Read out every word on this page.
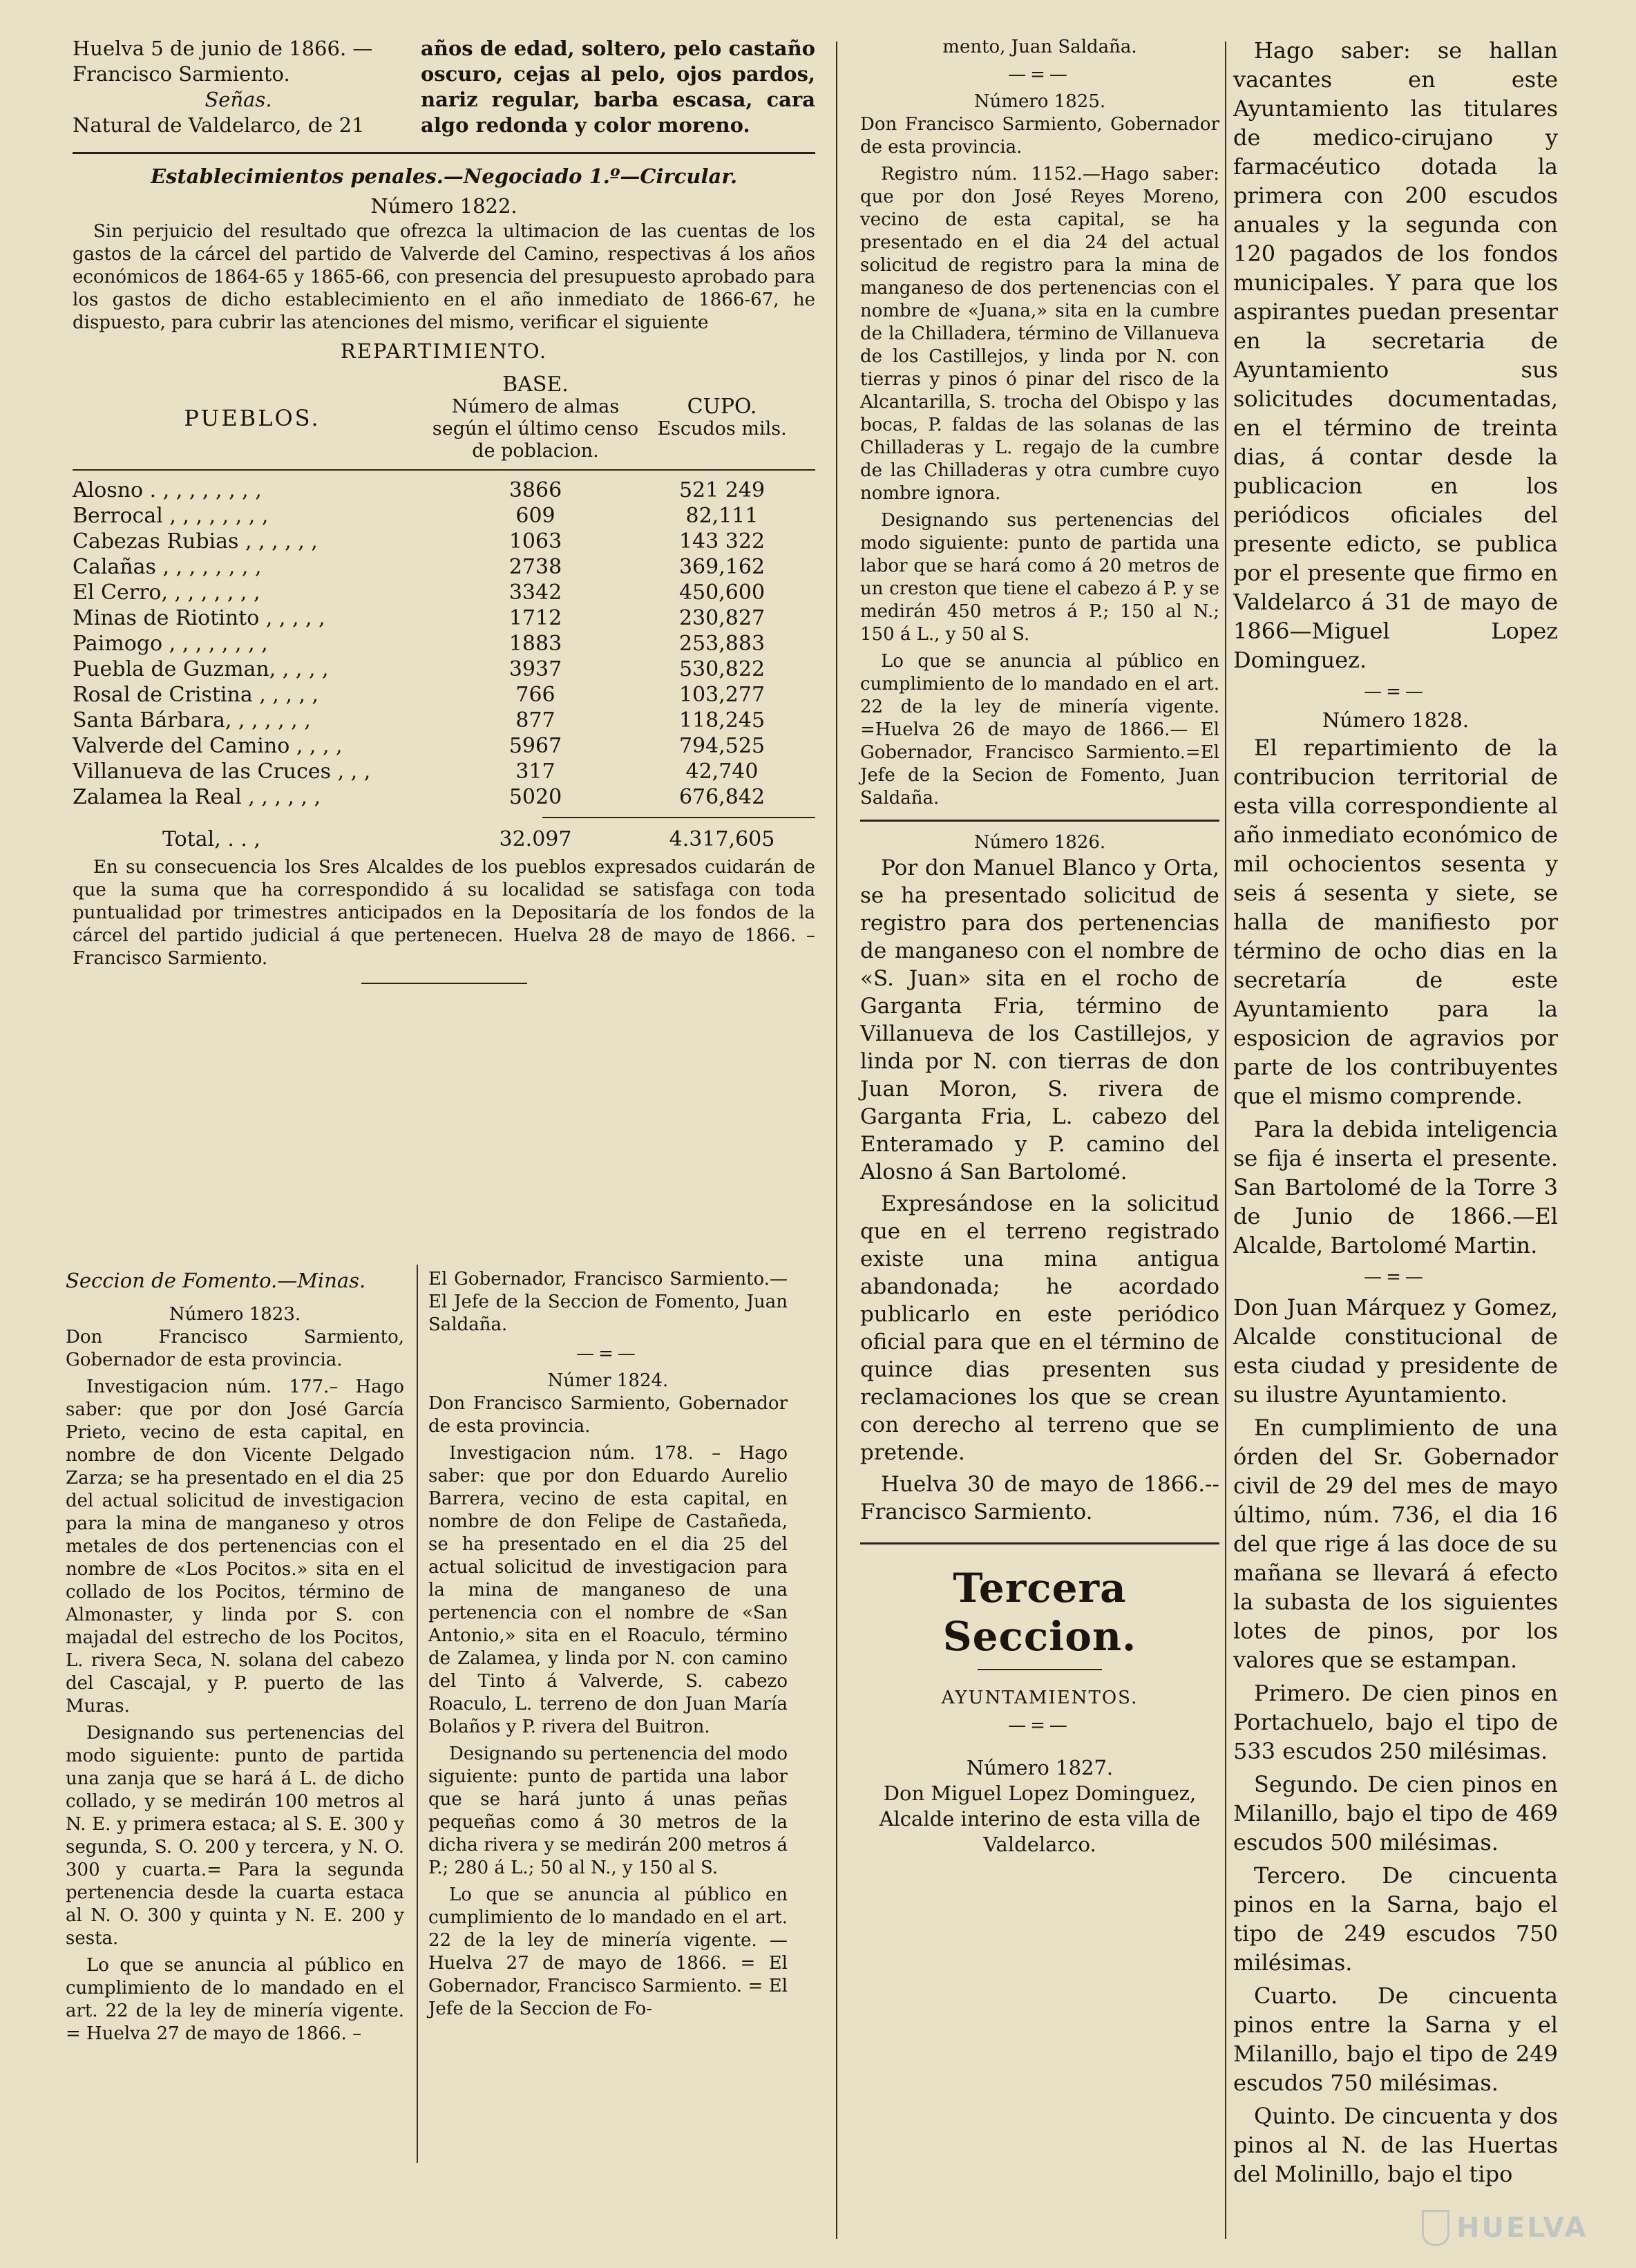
Huelva 5 de junio de 1866. —

Francisco Sarmiento.

Señas.

Natural de Valdelarco, de 21

años de edad, soltero, pelo castaño oscuro, cejas al pelo, ojos pardos, nariz regular, barba escasa, cara algo redonda y color moreno.

Establecimientos penales.—Negociado 1.º—Circular.

Número 1822.

Sin perjuicio del resultado que ofrezca la ultimacion de las cuentas de los gastos de la cárcel del partido de Valverde del Camino, respectivas á los años económicos de 1864-65 y 1865-66, con presencia del presupuesto aprobado para los gastos de dicho establecimiento en el año inmediato de 1866-67, he dispuesto, para cubrir las atenciones del mismo, verificar el siguiente

REPARTIMIENTO.

PUEBLOS.
BASE.
Número de almas según el último censo de poblacion.
CUPO.
Escudos mils.
Alosno . , , , , , , , ,	3866	521 249
Berrocal , , , , , , , ,	609	82,111
Cabezas Rubias , , , , , ,	1063	143 322
Calañas , , , , , , , ,	2738	369,162
El Cerro, , , , , , , ,	3342	450,600
Minas de Riotinto , , , , ,	1712	230,827
Paimogo , , , , , , , ,	1883	253,883
Puebla de Guzman, , , , ,	3937	530,822
Rosal de Cristina , , , , ,	766	103,277
Santa Bárbara, , , , , , ,	877	118,245
Valverde del Camino , , , ,	5967	794,525
Villanueva de las Cruces , , ,	317	42,740
Zalamea la Real , , , , , ,	5020	676,842
Total, . . ,	32.097	4.317,605

En su consecuencia los Sres Alcaldes de los pueblos expresados cuidarán de que la suma que ha correspondido á su localidad se satisfaga con toda puntualidad por trimestres anticipados en la Depositaría de los fondos de la cárcel del partido judicial á que pertenecen. Huelva 28 de mayo de 1866. – Francisco Sarmiento.

Seccion de Fomento.—Minas.

Número 1823.

Don Francisco Sarmiento, Gobernador de esta provincia.

Investigacion núm. 177.– Hago saber: que por don José García Prieto, vecino de esta capital, en nombre de don Vicente Delgado Zarza; se ha presentado en el dia 25 del actual solicitud de investigacion para la mina de manganeso y otros metales de dos pertenencias con el nombre de «Los Pocitos.» sita en el collado de los Pocitos, término de Almonaster, y linda por S. con majadal del estrecho de los Pocitos, L. rivera Seca, N. solana del cabezo del Cascajal, y P. puerto de las Muras.

Designando sus pertenencias del modo siguiente: punto de partida una zanja que se hará á L. de dicho collado, y se medirán 100 metros al N. E. y primera estaca; al S. E. 300 y segunda, S. O. 200 y tercera, y N. O. 300 y cuarta.= Para la segunda pertenencia desde la cuarta estaca al N. O. 300 y quinta y N. E. 200 y sesta.

Lo que se anuncia al público en cumplimiento de lo mandado en el art. 22 de la ley de minería vigente. = Huelva 27 de mayo de 1866. –

El Gobernador, Francisco Sarmiento.—El Jefe de la Seccion de Fomento, Juan Saldaña.

—=—

Númer 1824.

Don Francisco Sarmiento, Gobernador de esta provincia.

Investigacion núm. 178. – Hago saber: que por don Eduardo Aurelio Barrera, vecino de esta capital, en nombre de don Felipe de Castañeda, se ha presentado en el dia 25 del actual solicitud de investigacion para la mina de manganeso de una pertenencia con el nombre de «San Antonio,» sita en el Roaculo, término de Zalamea, y linda por N. con camino del Tinto á Valverde, S. cabezo Roaculo, L. terreno de don Juan María Bolaños y P. rivera del Buitron.

Designando su pertenencia del modo siguiente: punto de partida una labor que se hará junto á unas peñas pequeñas como á 30 metros de la dicha rivera y se medirán 200 metros á P.; 280 á L.; 50 al N., y 150 al S.

Lo que se anuncia al público en cumplimiento de lo mandado en el art. 22 de la ley de minería vigente. —Huelva 27 de mayo de 1866. = El Gobernador, Francisco Sarmiento. = El Jefe de la Seccion de Fo-

mento, Juan Saldaña.

—=—

Número 1825.

Don Francisco Sarmiento, Gobernador de esta provincia.

Registro núm. 1152.—Hago saber: que por don José Reyes Moreno, vecino de esta capital, se ha presentado en el dia 24 del actual solicitud de registro para la mina de manganeso de dos pertenencias con el nombre de «Juana,» sita en la cumbre de la Chilladera, término de Villanueva de los Castillejos, y linda por N. con tierras y pinos ó pinar del risco de la Alcantarilla, S. trocha del Obispo y las bocas, P. faldas de las solanas de las Chilladeras y L. regajo de la cumbre de las Chilladeras y otra cumbre cuyo nombre ignora.

Designando sus pertenencias del modo siguiente: punto de partida una labor que se hará como á 20 metros de un creston que tiene el cabezo á P. y se medirán 450 metros á P.; 150 al N.; 150 á L., y 50 al S.

Lo que se anuncia al público en cumplimiento de lo mandado en el art. 22 de la ley de minería vigente. =Huelva 26 de mayo de 1866.— El Gobernador, Francisco Sarmiento.=El Jefe de la Secion de Fomento, Juan Saldaña.

Número 1826.

Por don Manuel Blanco y Orta, se ha presentado solicitud de registro para dos pertenencias de manganeso con el nombre de «S. Juan» sita en el rocho de Garganta Fria, término de Villanueva de los Castillejos, y linda por N. con tierras de don Juan Moron, S. rivera de Garganta Fria, L. cabezo del Enteramado y P. camino del Alosno á San Bartolomé.

Expresándose en la solicitud que en el terreno registrado existe una mina antigua abandonada; he acordado publicarlo en este periódico oficial para que en el término de quince dias presenten sus reclamaciones los que se crean con derecho al terreno que se pretende.

Huelva 30 de mayo de 1866.--Francisco Sarmiento.

Tercera Seccion.

AYUNTAMIENTOS.

—=—

Número 1827.

Don Miguel Lopez Dominguez, Alcalde interino de esta villa de Valdelarco.

Hago saber: se hallan vacantes en este Ayuntamiento las titulares de medico-cirujano y farmacéutico dotada la primera con 200 escudos anuales y la segunda con 120 pagados de los fondos municipales. Y para que los aspirantes puedan presentar en la secretaria de Ayuntamiento sus solicitudes documentadas, en el término de treinta dias, á contar desde la publicacion en los periódicos oficiales del presente edicto, se publica por el presente que firmo en Valdelarco á 31 de mayo de 1866—Miguel Lopez Dominguez.

—=—

Número 1828.

El repartimiento de la contribucion territorial de esta villa correspondiente al año inmediato económico de mil ochocientos sesenta y seis á sesenta y siete, se halla de manifiesto por término de ocho dias en la secretaría de este Ayuntamiento para la esposicion de agravios por parte de los contribuyentes que el mismo comprende.

Para la debida inteligencia se fija é inserta el presente. San Bartolomé de la Torre 3 de Junio de 1866.—El Alcalde, Bartolomé Martin.

—=—

Don Juan Márquez y Gomez, Alcalde constitucional de esta ciudad y presidente de su ilustre Ayuntamiento.

En cumplimiento de una órden del Sr. Gobernador civil de 29 del mes de mayo último, núm. 736, el dia 16 del que rige á las doce de su mañana se llevará á efecto la subasta de los siguientes lotes de pinos, por los valores que se estampan.

Primero. De cien pinos en Portachuelo, bajo el tipo de 533 escudos 250 milésimas.

Segundo. De cien pinos en Milanillo, bajo el tipo de 469 escudos 500 milésimas.

Tercero. De cincuenta pinos en la Sarna, bajo el tipo de 249 escudos 750 milésimas.

Cuarto. De cincuenta pinos entre la Sarna y el Milanillo, bajo el tipo de 249 escudos 750 milésimas.

Quinto. De cincuenta y dos pinos al N. de las Huertas del Molinillo, bajo el tipo

HUELVA
